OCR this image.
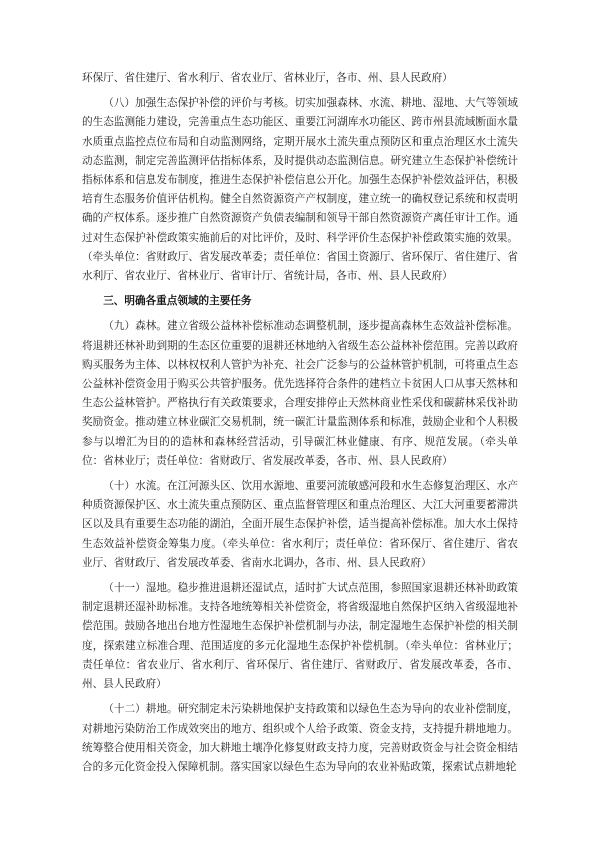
环保厅、省住建厅、省水利厅、省农业厅、省林业厅，各市、州、县人民政府）

（八）加强生态保护补偿的评价与考核。切实加强森林、水流、耕地、湿地、大气等领域的生态监测能力建设，完善重点生态功能区、重要江河湖库水功能区、跨市州县流域断面水量水质重点监控点位布局和自动监测网络，定期开展水土流失重点预防区和重点治理区水土流失动态监测，制定完善监测评估指标体系，及时提供动态监测信息。研究建立生态保护补偿统计指标体系和信息发布制度，推进生态保护补偿信息公开化。加强生态保护补偿效益评估，积极培育生态服务价值评估机构。健全自然资源资产产权制度，建立统一的确权登记系统和权责明确的产权体系。逐步推广自然资源资产负债表编制和领导干部自然资源资产离任审计工作。通过对生态保护补偿政策实施前后的对比评价，及时、科学评价生态保护补偿政策实施的效果。（牵头单位：省财政厅、省发展改革委；责任单位：省国土资源厅、省环保厅、省住建厅、省水利厅、省农业厅、省林业厅、省审计厅、省统计局，各市、州、县人民政府）

三、明确各重点领域的主要任务

（九）森林。建立省级公益林补偿标准动态调整机制，逐步提高森林生态效益补偿标准。将退耕还林补助到期的生态区位重要的退耕还林地纳入省级生态公益林补偿范围。完善以政府购买服务为主体、以林权权利人管护为补充、社会广泛参与的公益林管护机制，可将重点生态公益林补偿资金用于购买公共管护服务。优先选择符合条件的建档立卡贫困人口从事天然林和生态公益林管护。严格执行有关政策要求，合理安排停止天然林商业性采伐和碳薪林采伐补助奖励资金。推动建立林业碳汇交易机制，统一碳汇计量监测体系和标准，鼓励企业和个人积极参与以增汇为目的的造林和森林经营活动，引导碳汇林业健康、有序、规范发展。（牵头单位：省林业厅；责任单位：省财政厅、省发展改革委，各市、州、县人民政府）

（十）水流。在江河源头区、饮用水源地、重要河流敏感河段和水生态修复治理区、水产种质资源保护区、水土流失重点预防区、重点监督管理区和重点治理区、大江大河重要蓄滞洪区以及具有重要生态功能的湖泊，全面开展生态保护补偿，适当提高补偿标准。加大水土保持生态效益补偿资金筹集力度。（牵头单位：省水利厅；责任单位：省环保厅、省住建厅、省农业厅、省财政厅、省发展改革委、省南水北调办，各市、州、县人民政府）

（十一）湿地。稳步推进退耕还湿试点，适时扩大试点范围，参照国家退耕还林补助政策制定退耕还湿补助标准。支持各地统筹相关补偿资金，将省级湿地自然保护区纳入省级湿地补偿范围。鼓励各地出台地方性湿地生态保护补偿机制与办法，制定湿地生态保护补偿的相关制度，探索建立标准合理、范围适度的多元化湿地生态保护补偿机制。（牵头单位：省林业厅；责任单位：省农业厅、省水利厅、省环保厅、省住建厅、省财政厅、省发展改革委，各市、州、县人民政府）

（十二）耕地。研究制定未污染耕地保护支持政策和以绿色生态为导向的农业补偿制度，对耕地污染防治工作成效突出的地方、组织或个人给予政策、资金支持，支持提升耕地地力。统筹整合使用相关资金，加大耕地土壤净化修复财政支持力度，完善财政资金与社会资金相结合的多元化资金投入保障机制。落实国家以绿色生态为导向的农业补贴政策，探索试点耕地轮
